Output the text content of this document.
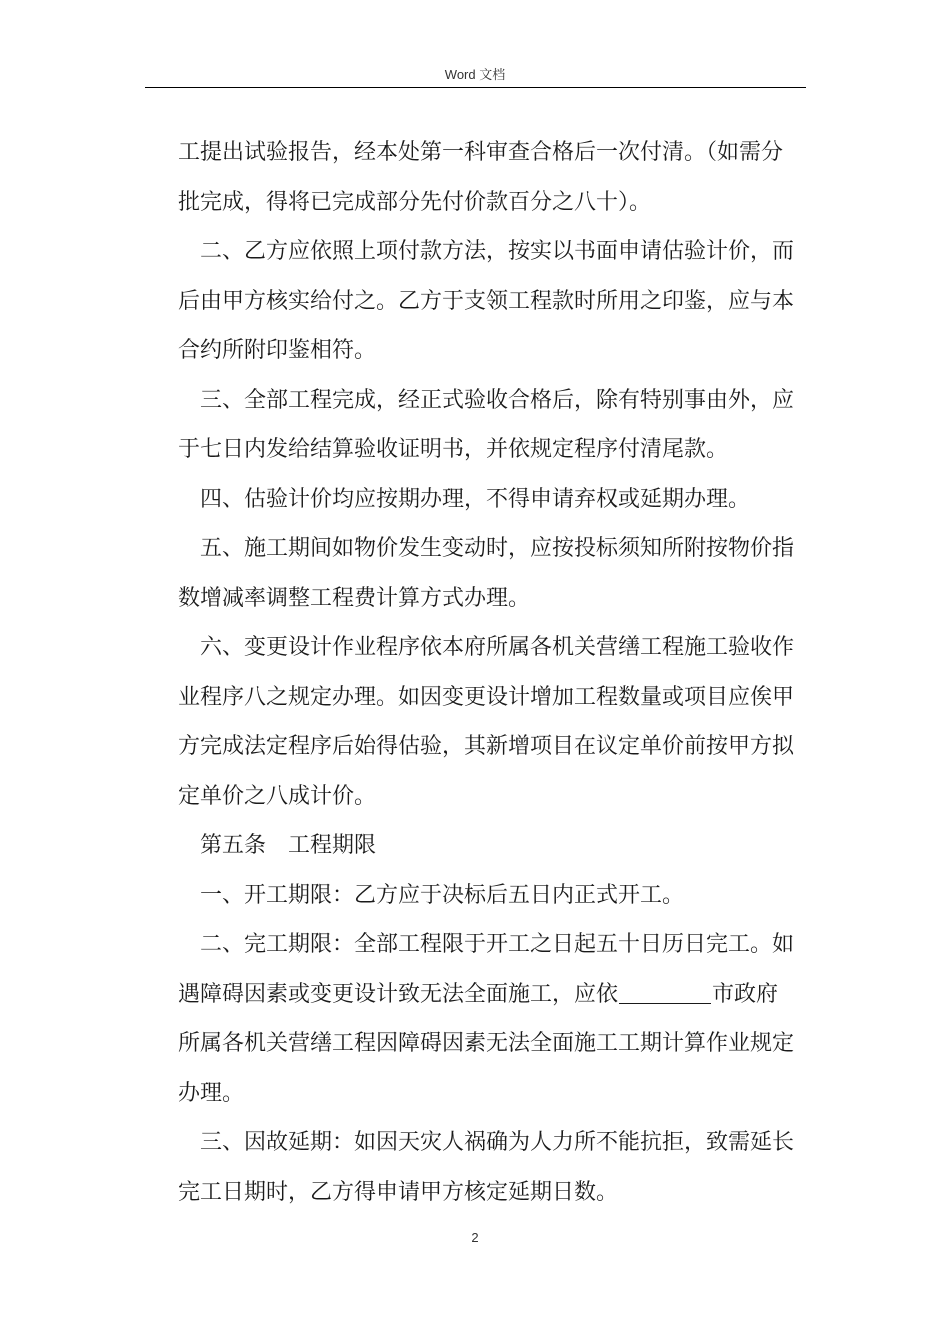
Word 文档
工提出试验报告，经本处第一科审查合格后一次付清。（如需分
批完成，得将已完成部分先付价款百分之八十）。
二、乙方应依照上项付款方法，按实以书面申请估验计价，而
后由甲方核实给付之。乙方于支领工程款时所用之印鉴，应与本
合约所附印鉴相符。
三、全部工程完成，经正式验收合格后，除有特别事由外，应
于七日内发给结算验收证明书，并依规定程序付清尾款。
四、估验计价均应按期办理，不得申请弃权或延期办理。
五、施工期间如物价发生变动时，应按投标须知所附按物价指
数增减率调整工程费计算方式办理。
六、变更设计作业程序依本府所属各机关营缮工程施工验收作
业程序八之规定办理。如因变更设计增加工程数量或项目应俟甲
方完成法定程序后始得估验，其新增项目在议定单价前按甲方拟
定单价之八成计价。
第五条　工程期限
一、开工期限：乙方应于决标后五日内正式开工。
二、完工期限：全部工程限于开工之日起五十日历日完工。如
遇障碍因素或变更设计致无法全面施工，应依	市政府
所属各机关营缮工程因障碍因素无法全面施工工期计算作业规定
办理。
三、因故延期：如因天灾人祸确为人力所不能抗拒，致需延长
完工日期时，乙方得申请甲方核定延期日数。
2
